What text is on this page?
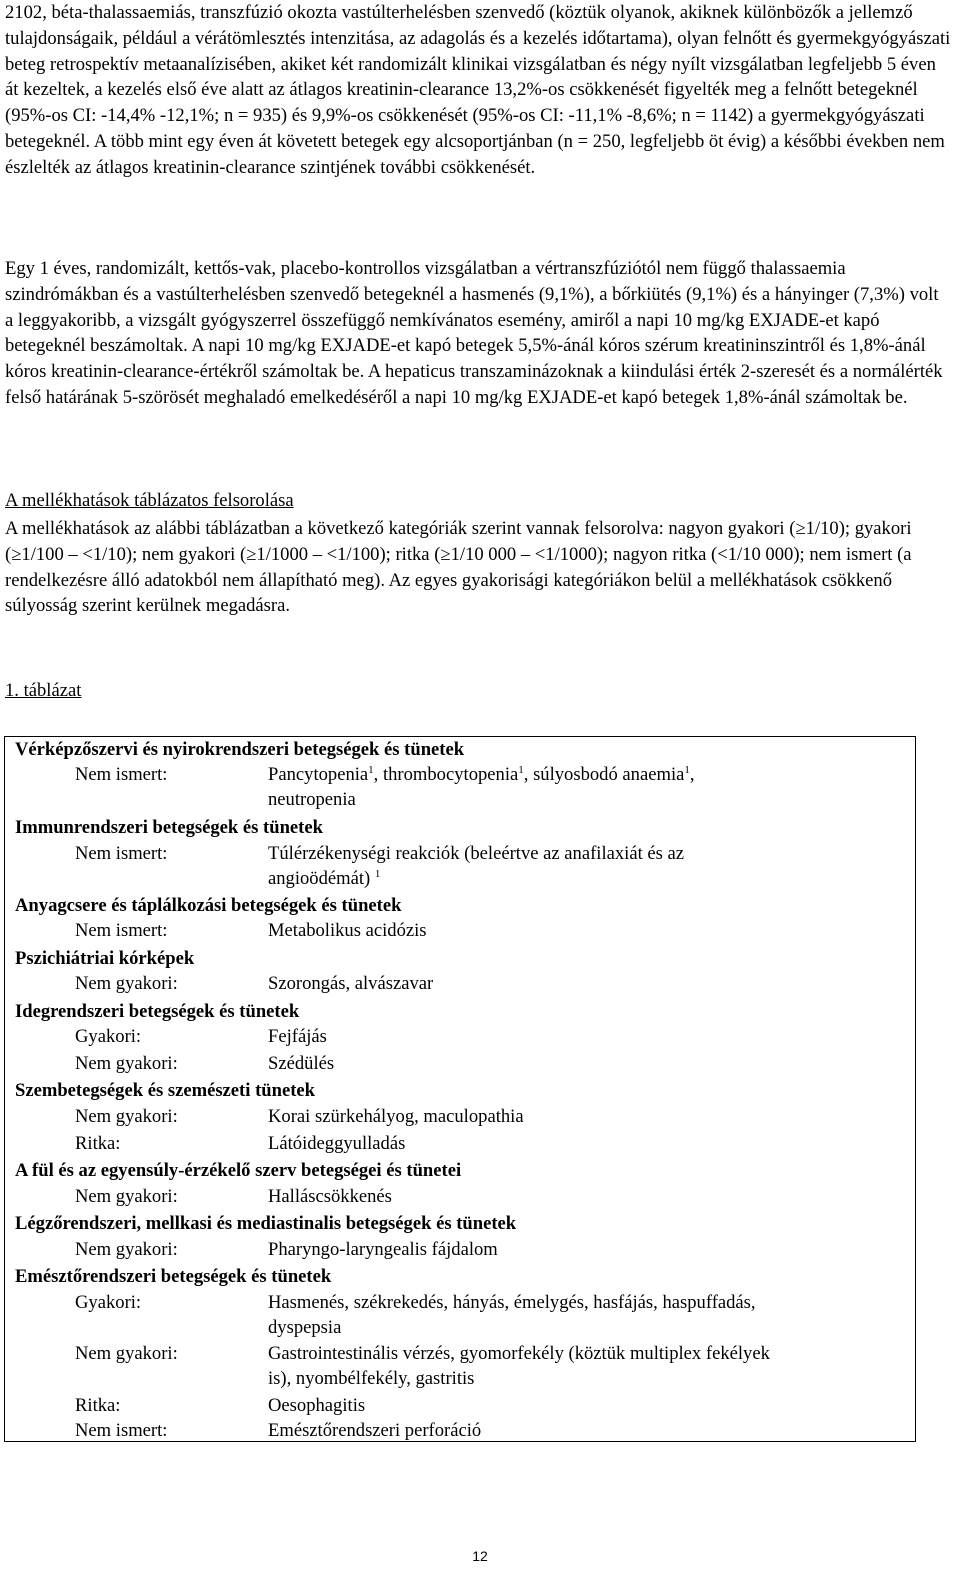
2102, béta-thalassaemiás, transzfúzió okozta vastúlterhelésben szenvedő (köztük olyanok, akiknek különbözők a jellemző tulajdonságaik, például a vérátömlesztés intenzitása, az adagolás és a kezelés időtartama), olyan felnőtt és gyermekgyógyászati beteg retrospektív metaanalízisében, akiket két randomizált klinikai vizsgálatban és négy nyílt vizsgálatban legfeljebb 5 éven át kezeltek, a kezelés első éve alatt az átlagos kreatinin-clearance 13,2%-os csökkenését figyelték meg a felnőtt betegeknél (95%-os CI: -14,4% -12,1%; n = 935) és 9,9%-os csökkenését (95%-os CI: -11,1% -8,6%; n = 1142) a gyermekgyógyászati betegeknél. A több mint egy éven át követett betegek egy alcsoportjánban (n = 250, legfeljebb öt évig) a későbbi években nem észlelték az átlagos kreatinin-clearance szintjének további csökkenését.
Egy 1 éves, randomizált, kettős-vak, placebo-kontrollos vizsgálatban a vértranszfúziótól nem függő thalassaemia szindrómákban és a vastúlterhelésben szenvedő betegeknél a hasmenés (9,1%), a bőrkiütés (9,1%) és a hányinger (7,3%) volt a leggyakoribb, a vizsgált gyógyszerrel összefüggő nemkívánatos esemény, amiről a napi 10 mg/kg EXJADE-et kapó betegeknél beszámoltak. A napi 10 mg/kg EXJADE-et kapó betegek 5,5%-ánál kóros szérum kreatininszintről és 1,8%-ánál kóros kreatinin-clearance-értékről számoltak be. A hepaticus transzaminázoknak a kiindulási érték 2-szeresét és a normálérték felső határának 5-szörösét meghaladó emelkedéséről a napi 10 mg/kg EXJADE-et kapó betegek 1,8%-ánál számoltak be.
A mellékhatások táblázatos felsorolása
A mellékhatások az alábbi táblázatban a következő kategóriák szerint vannak felsorolva: nagyon gyakori (≥1/10); gyakori (≥1/100 – <1/10); nem gyakori (≥1/1000 – <1/100); ritka (≥1/10 000 – <1/1000); nagyon ritka (<1/10 000); nem ismert (a rendelkezésre álló adatokból nem állapítható meg). Az egyes gyakorisági kategóriákon belül a mellékhatások csökkenő súlyosság szerint kerülnek megadásra.
1. táblázat
Vérképzőszervi és nyirokrendszeri betegségek és tünetek
Nem ismert:	Pancytopenia$^1$, thrombocytopenia$^1$, súlyosbodó anaemia$^1$,
neutropenia
Immunrendszeri betegségek és tünetek
Nem ismert:	Túlérzékenységi reakciók (beleértve az anafilaxiát és az
angioödémát) $^1$
Anyagcsere és táplálkozási betegségek és tünetek
Nem ismert:	Metabolikus acidózis
Pszichiátriai kórképek
Nem gyakori:	Szorongás, alvászavar
Idegrendszeri betegségek és tünetek
Gyakori:	Fejfájás
Nem gyakori:	Szédülés
Szembetegségek és szemészeti tünetek
Nem gyakori:	Korai szürkehályog, maculopathia
Ritka:	Látóideggyulladás
A fül és az egyensúly-érzékelő szerv betegségei és tünetei
Nem gyakori:	Halláscsökkenés
Légzőrendszeri, mellkasi és mediastinalis betegségek és tünetek
Nem gyakori:	Pharyngo-laryngealis fájdalom
Emésztőrendszeri betegségek és tünetek
Gyakori:	Hasmenés, székrekedés, hányás, émelygés, hasfájás, haspuffadás,
dyspepsia
Nem gyakori:	Gastrointestinális vérzés, gyomorfekély (köztük multiplex fekélyek
is), nyombélfekély, gastritis
Ritka:	Oesophagitis
Nem ismert:	Emésztőrendszeri perforáció
12
